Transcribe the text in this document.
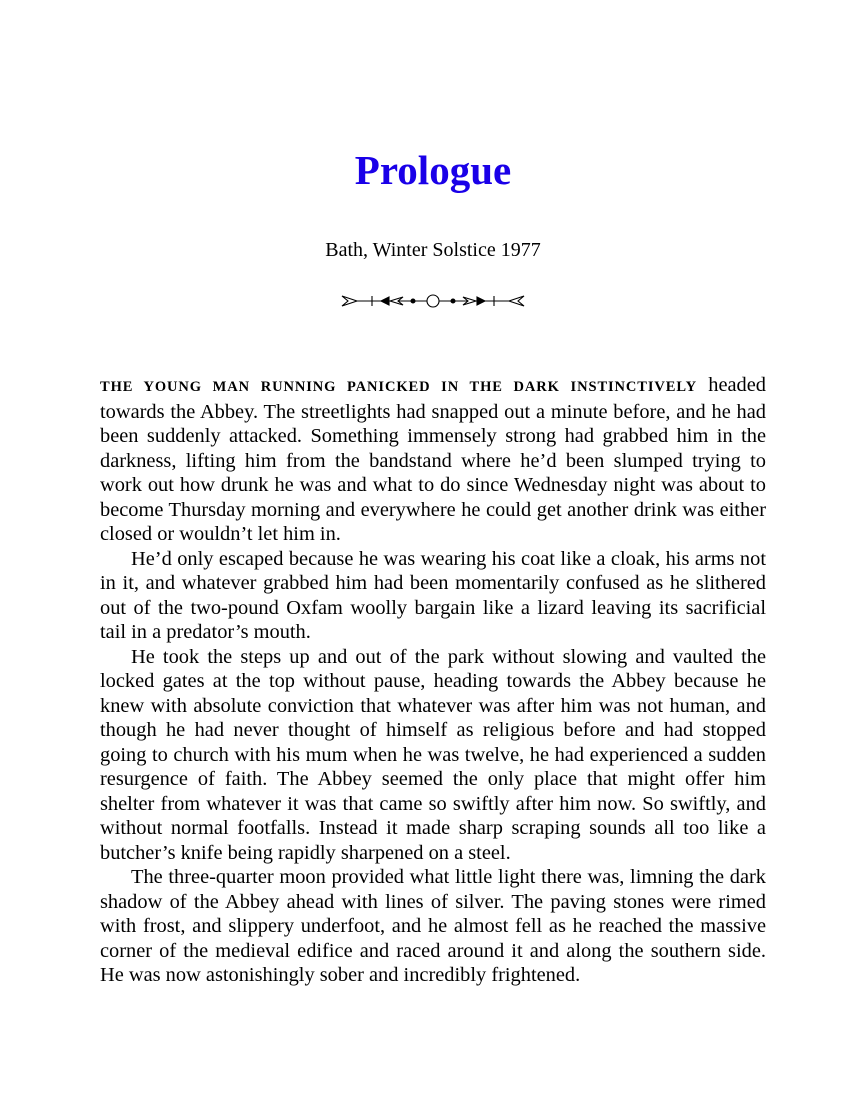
Prologue

Bath, Winter Solstice 1977

THE YOUNG MAN RUNNING PANICKED IN THE DARK INSTINCTIVELY headed towards the Abbey. The streetlights had snapped out a minute before, and he had been suddenly attacked. Something immensely strong had grabbed him in the darkness, lifting him from the bandstand where he’d been slumped trying to work out how drunk he was and what to do since Wednesday night was about to become Thursday morning and everywhere he could get another drink was either closed or wouldn’t let him in.

He’d only escaped because he was wearing his coat like a cloak, his arms not in it, and whatever grabbed him had been momentarily confused as he slithered out of the two-pound Oxfam woolly bargain like a lizard leaving its sacrificial tail in a predator’s mouth.

He took the steps up and out of the park without slowing and vaulted the locked gates at the top without pause, heading towards the Abbey because he knew with absolute conviction that whatever was after him was not human, and though he had never thought of himself as religious before and had stopped going to church with his mum when he was twelve, he had experienced a sudden resurgence of faith. The Abbey seemed the only place that might offer him shelter from whatever it was that came so swiftly after him now. So swiftly, and without normal footfalls. Instead it made sharp scraping sounds all too like a butcher’s knife being rapidly sharpened on a steel.

The three-quarter moon provided what little light there was, limning the dark shadow of the Abbey ahead with lines of silver. The paving stones were rimed with frost, and slippery underfoot, and he almost fell as he reached the massive corner of the medieval edifice and raced around it and along the southern side. He was now astonishingly sober and incredibly frightened.
